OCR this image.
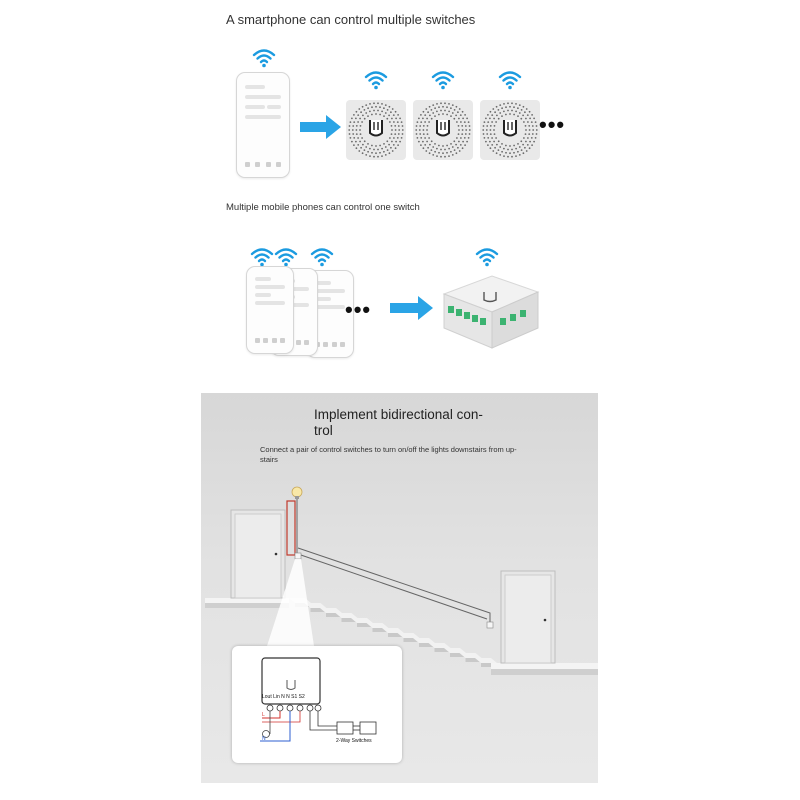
A smartphone can control multiple switches
•••
Multiple mobile phones can control one switch
•••
Implement bidirectional con-
trol
Connect a pair of control switches to turn on/off the lights downstairs from up-
stairs
Lout Lin N N S1 S2
L
N	2-Way Switches
